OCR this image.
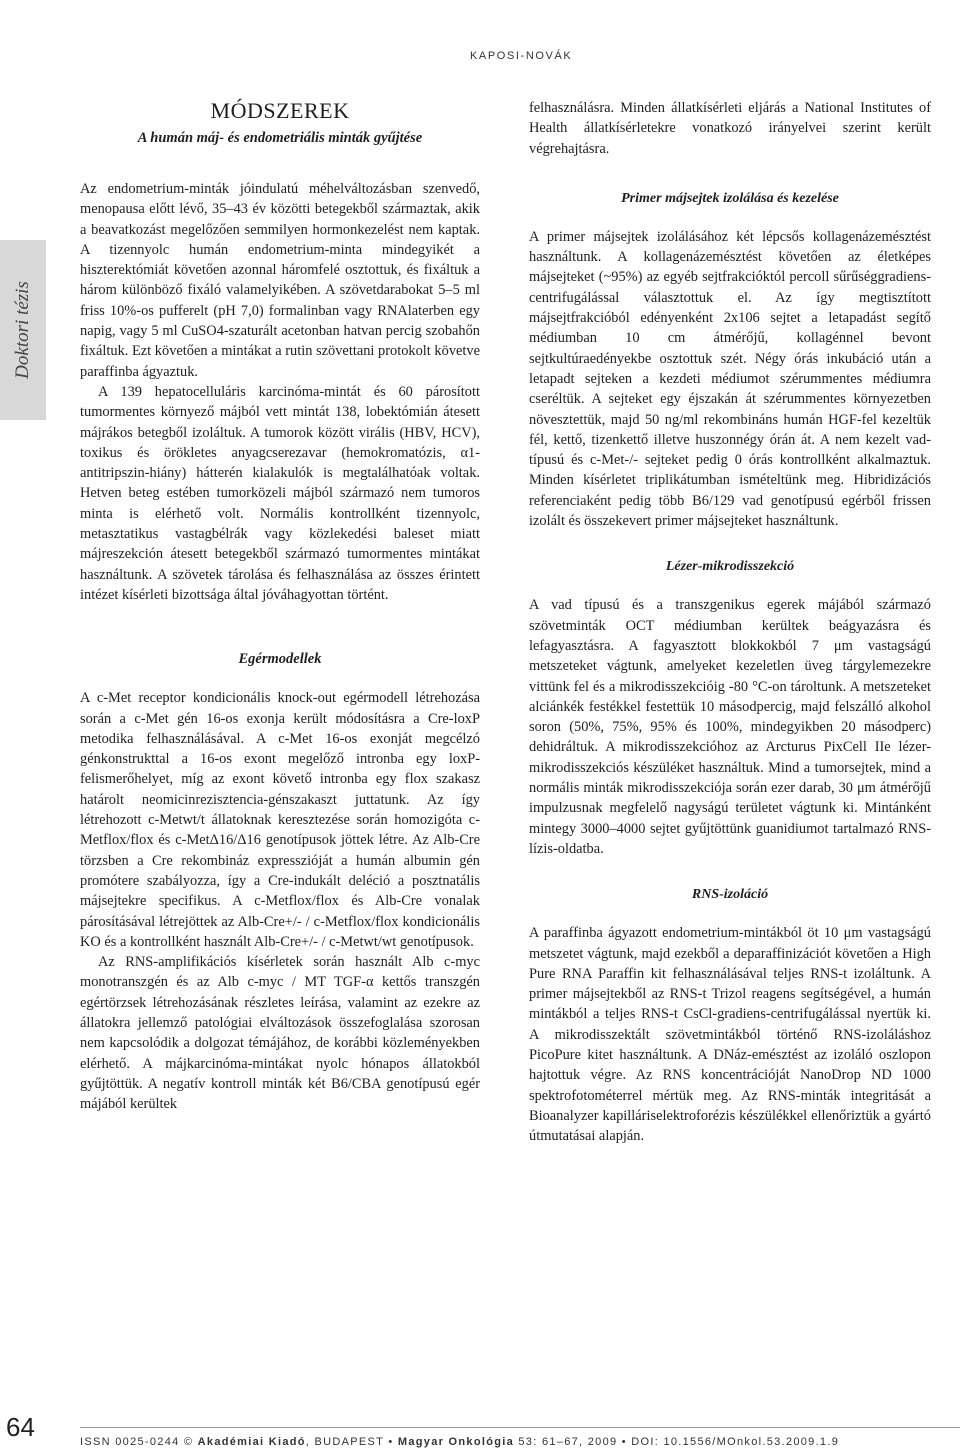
KAPOSI-NOVÁK
Doktori tézis
MÓDSZEREK
A humán máj- és endometriális minták gyűjtése

Az endometrium-minták jóindulatú méhelváltozásban szenvedő, menopausa előtt lévő, 35–43 év közötti betegekből származtak, akik a beavatkozást megelőzően semmilyen hormonkezelést nem kaptak. A tizennyolc humán endometrium-minta mindegyikét a hiszterektómiát követően azonnal háromfelé osztottuk, és fixáltuk a három különböző fixáló valamelyikében. A szövetdarabokat 5–5 ml friss 10%-os pufferelt (pH 7,0) formalinban vagy RNAlaterben egy napig, vagy 5 ml CuSO4-szaturált acetonban hatvan percig szobahőn fixáltuk. Ezt követően a mintákat a rutin szövettani protokolt követve paraffinba ágyaztuk.

A 139 hepatocelluláris karcinóma-mintát és 60 párosított tumormentes környező májból vett mintát 138, lobektómián átesett májrákos betegből izoláltuk. A tumorok között virális (HBV, HCV), toxikus és örökletes anyagcserezavar (hemokromatózis, α1-antitripszin-hiány) hátterén kialakulók is megtalálhatóak voltak. Hetven beteg estében tumorközeli májból származó nem tumoros minta is elérhető volt. Normális kontrollként tizennyolc, metasztatikus vastagbélrák vagy közlekedési baleset miatt májreszekción átesett betegekből származó tumormentes mintákat használtunk. A szövetek tárolása és felhasználása az összes érintett intézet kísérleti bizottsága által jóváhagyottan történt.

Egérmodellek

A c-Met receptor kondicionális knock-out egérmodell létrehozása során a c-Met gén 16-os exonja került módosításra a Cre-loxP metodika felhasználásával. A c-Met 16-os exonját megcélzó génkonstrukttal a 16-os exont megelőző intronba egy loxP-felismerőhelyet, míg az exont követő intronba egy flox szakasz határolt neomicinrezisztencia-génszakaszt juttatunk. Az így létrehozott c-Metwt/t állatoknak keresztezése során homozigóta c-Metflox/flox és c-MetΔ16/Δ16 genotípusok jöttek létre. Az Alb-Cre törzsben a Cre rekombináz expresszióját a humán albumin gén promótere szabályozza, így a Cre-indukált deléció a posztnatális májsejtekre specifikus. A c-Metflox/flox és Alb-Cre vonalak párosításával létrejöttek az Alb-Cre+/- / c-Metflox/flox kondicionális KO és a kontrollként használt Alb-Cre+/- / c-Metwt/wt genotípusok.

Az RNS-amplifikációs kísérletek során használt Alb c-myc monotranszgén és az Alb c-myc / MT TGF-α kettős transzgén egértörzsek létrehozásának részletes leírása, valamint az ezekre az állatokra jellemző patológiai elváltozások összefoglalása szorosan nem kapcsolódik a dolgozat témájához, de korábbi közleményekben elérhető. A májkarcinóma-mintákat nyolc hónapos állatokból gyűjtöttük. A negatív kontroll minták két B6/CBA genotípusú egér májából kerültek

felhasználásra. Minden állatkísérleti eljárás a National Institutes of Health állatkísérletekre vonatkozó irányelvei szerint került végrehajtásra.

Primer májsejtek izolálása és kezelése

A primer májsejtek izolálásához két lépcsős kollagenázemésztést használtunk. A kollagenázemésztést követően az életképes májsejteket (~95%) az egyéb sejtfrakcióktól percoll sűrűséggradiens-centrifugálással választottuk el. Az így megtisztított májsejtfrakcióból edényenként 2x106 sejtet a letapadást segítő médiumban 10 cm átmérőjű, kollagénnel bevont sejtkultúraedényekbe osztottuk szét. Négy órás inkubáció után a letapadt sejteken a kezdeti médiumot szérummentes médiumra cseréltük. A sejteket egy éjszakán át szérummentes környezetben növesztettük, majd 50 ng/ml rekombináns humán HGF-fel kezeltük fél, kettő, tizenkettő illetve huszonnégy órán át. A nem kezelt vad-típusú és c-Met-/- sejteket pedig 0 órás kontrollként alkalmaztuk. Minden kísérletet triplikátumban ismételtünk meg. Hibridizációs referenciaként pedig több B6/129 vad genotípusú egérből frissen izolált és összekevert primer májsejteket használtunk.

Lézer-mikrodisszekció

A vad típusú és a transzgenikus egerek májából származó szövetminták OCT médiumban kerültek beágyazásra és lefagyasztásra. A fagyasztott blokkokból 7 μm vastagságú metszeteket vágtunk, amelyeket kezeletlen üveg tárgylemezekre vittünk fel és a mikrodisszekcióig -80 °C-on tároltunk. A metszeteket alciánkék festékkel festettük 10 másodpercig, majd felszálló alkohol soron (50%, 75%, 95% és 100%, mindegyikben 20 másodperc) dehidráltuk. A mikrodisszekcióhoz az Arcturus PixCell IIe lézer-mikrodisszekciós készüléket használtuk. Mind a tumorsejtek, mind a normális minták mikrodisszekciója során ezer darab, 30 μm átmérőjű impulzusnak megfelelő nagyságú területet vágtunk ki. Mintánként mintegy 3000–4000 sejtet gyűjtöttünk guanidiumot tartalmazó RNS-lízis-oldatba.

RNS-izoláció

A paraffinba ágyazott endometrium-mintákból öt 10 μm vastagságú metszetet vágtunk, majd ezekből a deparaffinizációt követően a High Pure RNA Paraffin kit felhasználásával teljes RNS-t izoláltunk. A primer májsejtekből az RNS-t Trizol reagens segítségével, a humán mintákból a teljes RNS-t CsCl-gradiens-centrifugálással nyertük ki. A mikrodisszektált szövetmintákból történő RNS-izoláláshoz PicoPure kitet használtunk. A DNáz-emésztést az izoláló oszlopon hajtottuk végre. Az RNS koncentrációját NanoDrop ND 1000 spektrofotométerrel mértük meg. Az RNS-minták integritását a Bioanalyzer kapilláriselektroforézis készülékkel ellenőriztük a gyártó útmutatásai alapján.

64	ISSN 0025-0244 © Akadémiai Kiadó, BUDAPEST • Magyar Onkológia 53: 61–67, 2009 • DOI: 10.1556/MOnkol.53.2009.1.9
